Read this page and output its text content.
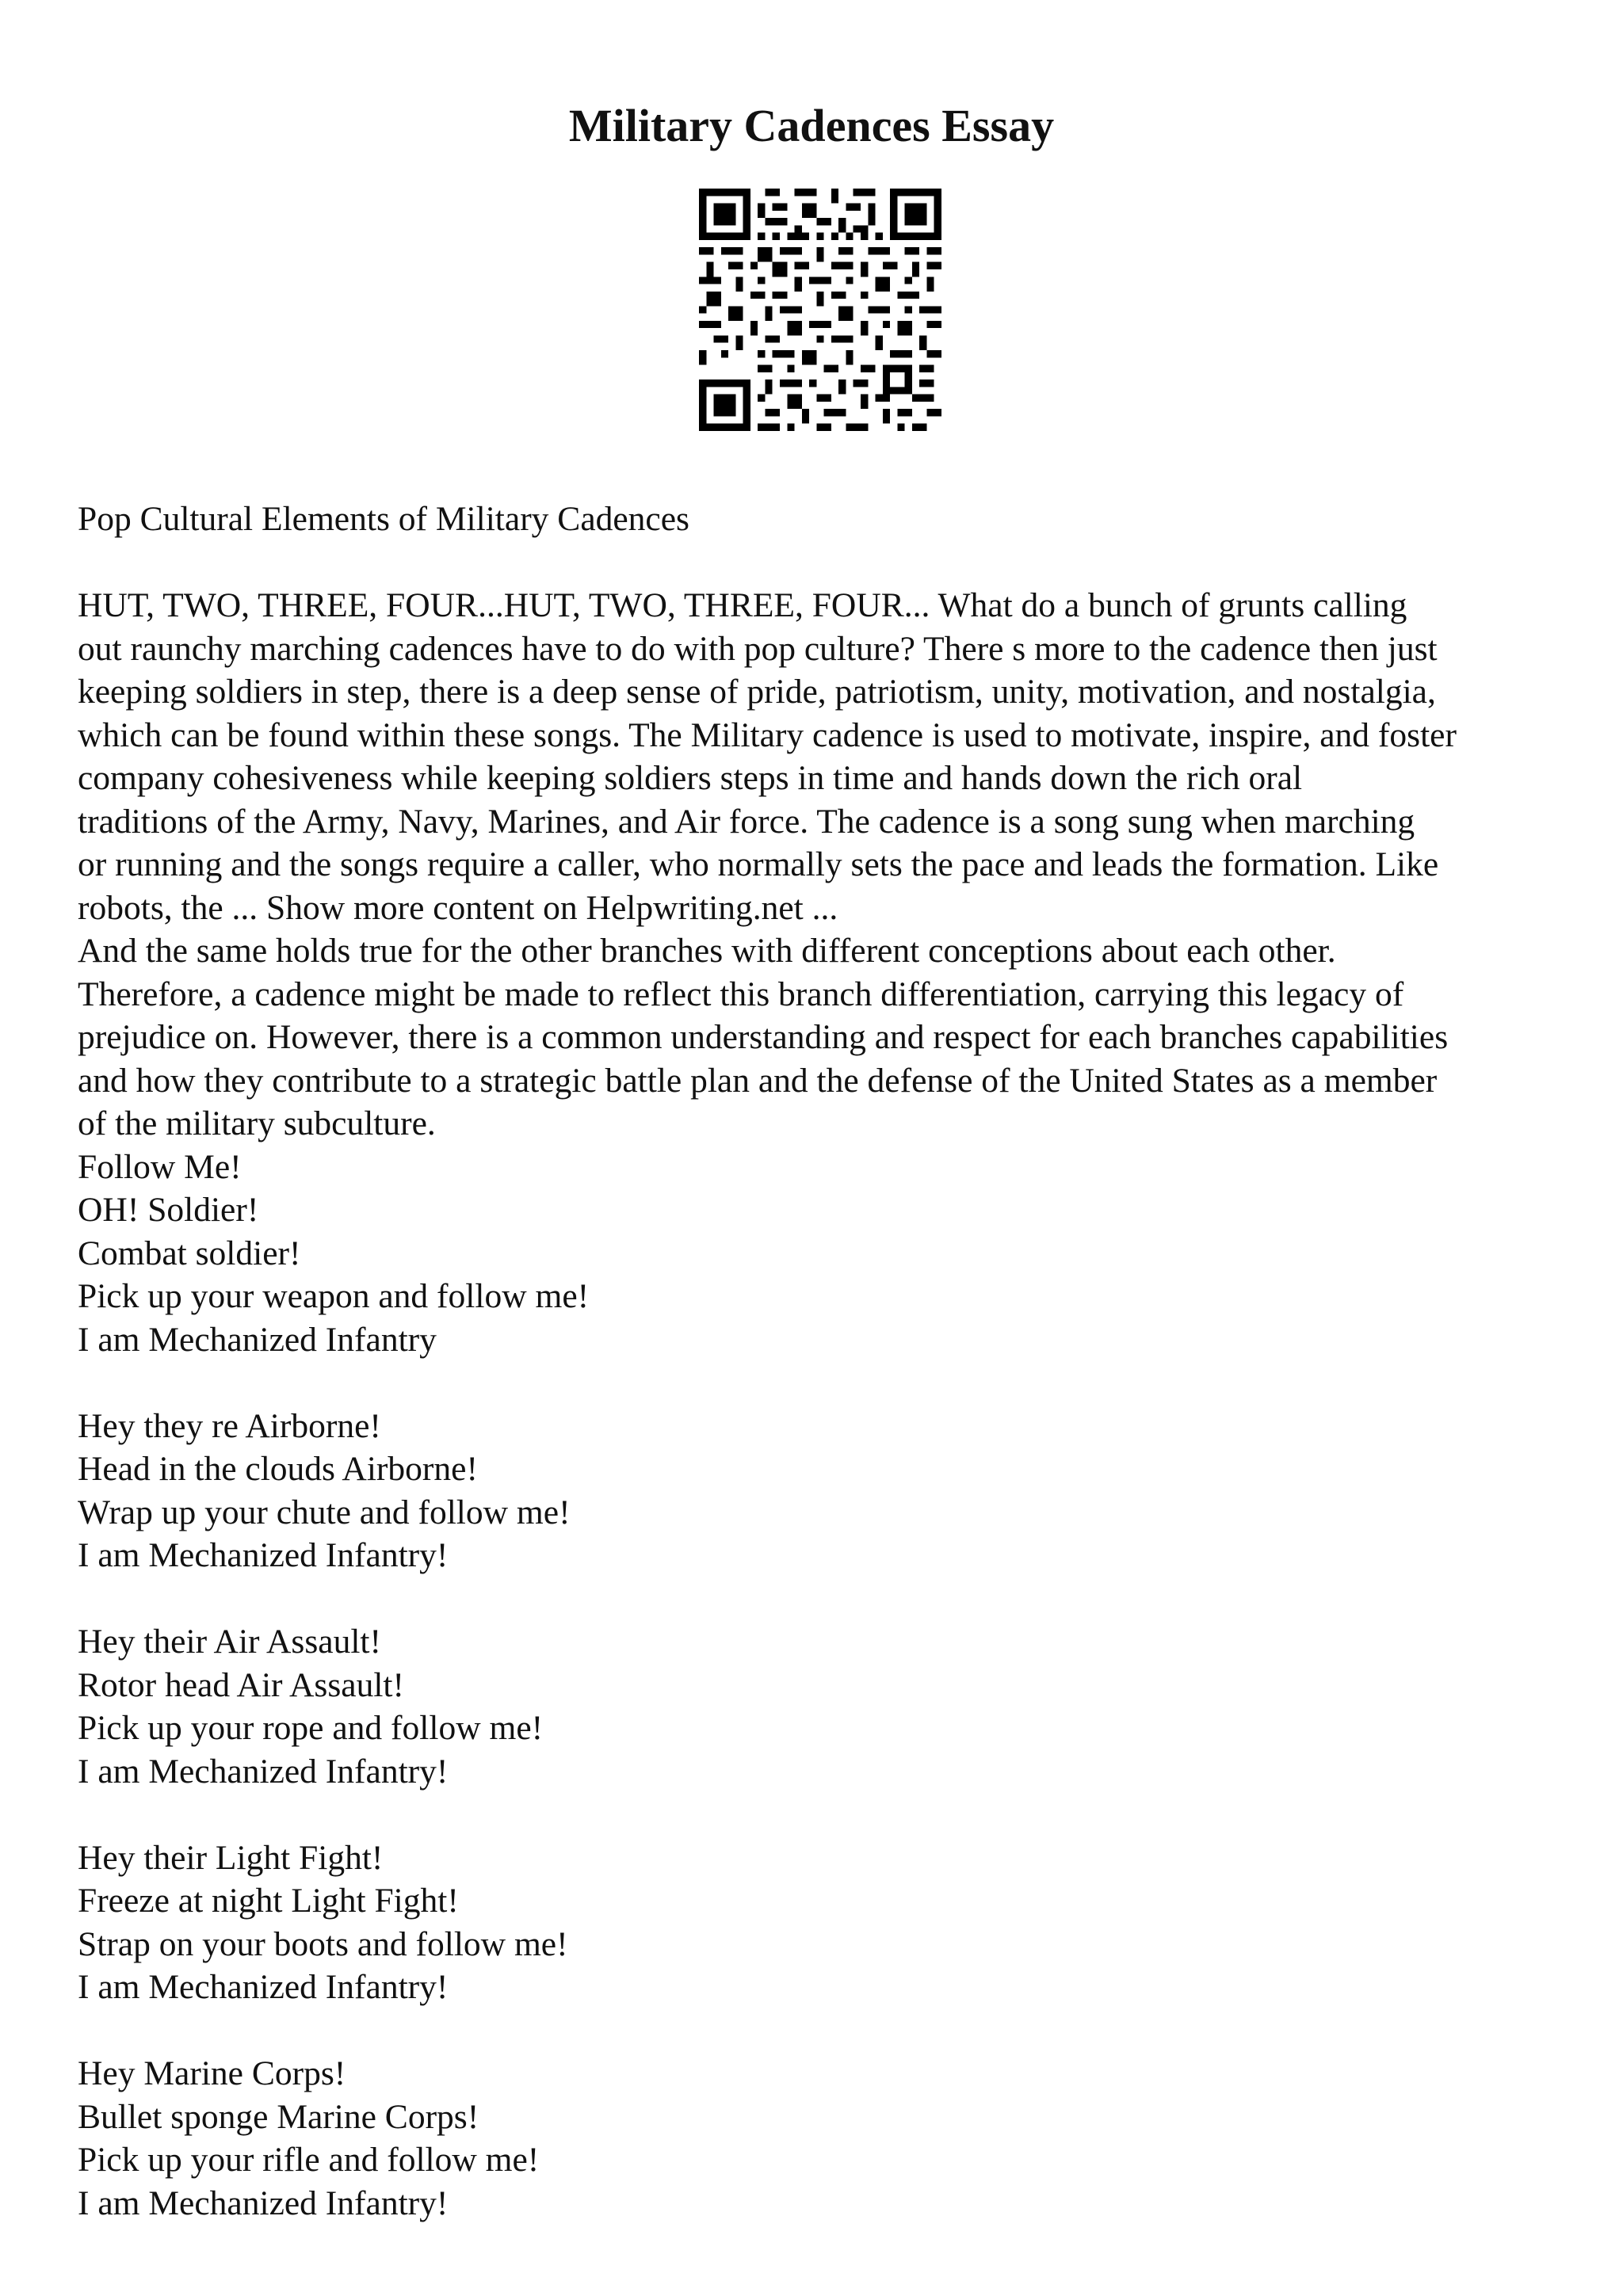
Military Cadences Essay

Pop Cultural Elements of Military Cadences

HUT, TWO, THREE, FOUR...HUT, TWO, THREE, FOUR... What do a bunch of grunts calling
out raunchy marching cadences have to do with pop culture? There s more to the cadence then just
keeping soldiers in step, there is a deep sense of pride, patriotism, unity, motivation, and nostalgia,
which can be found within these songs. The Military cadence is used to motivate, inspire, and foster
company cohesiveness while keeping soldiers steps in time and hands down the rich oral
traditions of the Army, Navy, Marines, and Air force. The cadence is a song sung when marching
or running and the songs require a caller, who normally sets the pace and leads the formation. Like
robots, the ... Show more content on Helpwriting.net ...

And the same holds true for the other branches with different conceptions about each other.
Therefore, a cadence might be made to reflect this branch differentiation, carrying this legacy of
prejudice on. However, there is a common understanding and respect for each branches capabilities
and how they contribute to a strategic battle plan and the defense of the United States as a member
of the military subculture.

Follow Me!
OH! Soldier!
Combat soldier!
Pick up your weapon and follow me!
I am Mechanized Infantry

Hey they re Airborne!
Head in the clouds Airborne!
Wrap up your chute and follow me!
I am Mechanized Infantry!

Hey their Air Assault!
Rotor head Air Assault!
Pick up your rope and follow me!
I am Mechanized Infantry!

Hey their Light Fight!
Freeze at night Light Fight!
Strap on your boots and follow me!
I am Mechanized Infantry!

Hey Marine Corps!
Bullet sponge Marine Corps!
Pick up your rifle and follow me!
I am Mechanized Infantry!
